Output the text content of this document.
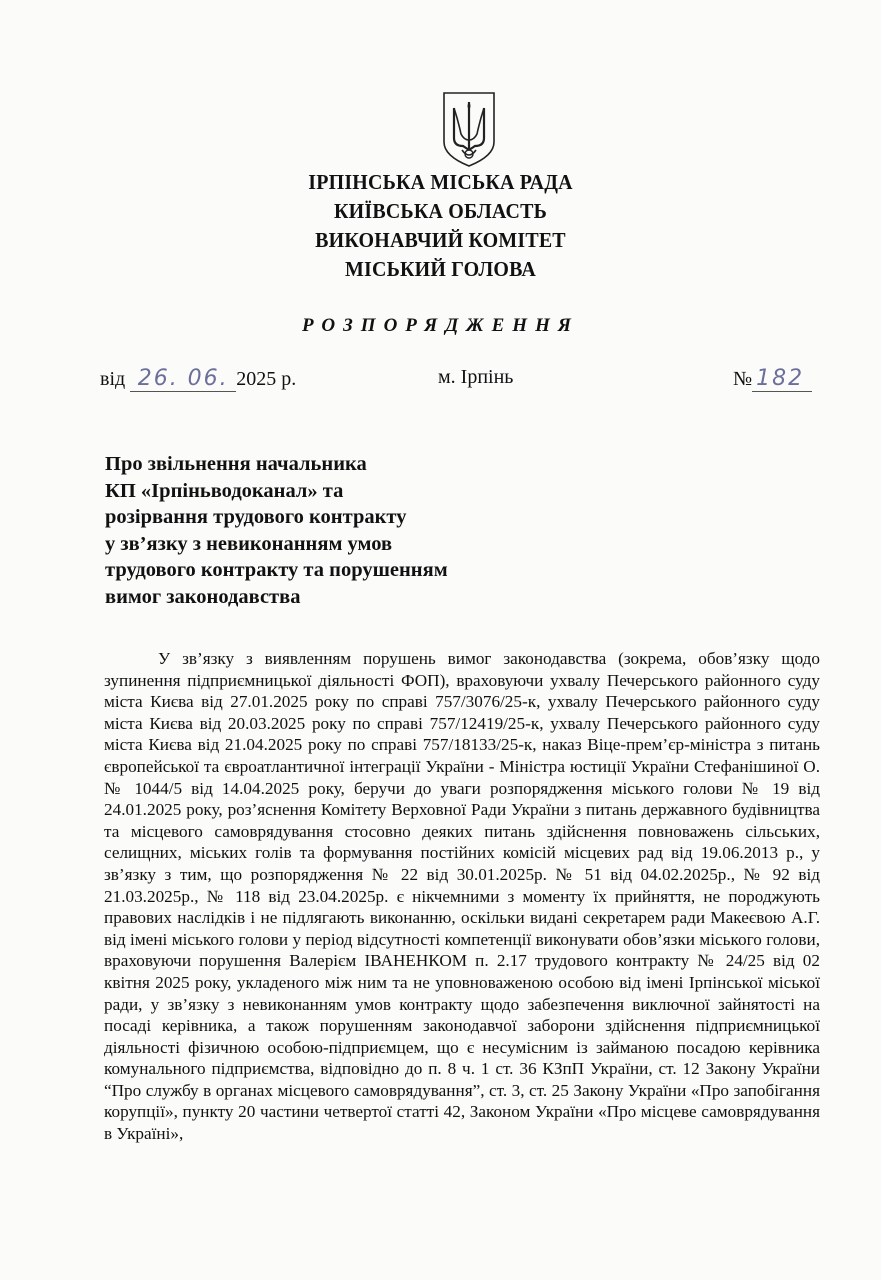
ІРПІНСЬКА МІСЬКА РАДА
КИЇВСЬКА ОБЛАСТЬ
ВИКОНАВЧИЙ КОМІТЕТ
МІСЬКИЙ ГОЛОВА
РОЗПОРЯДЖЕННЯ
від 26. 06. 2025 р.	м. Ірпінь	№ 182
Про звільнення начальника
КП «Ірпіньводоканал» та
розірвання трудового контракту
у зв’язку з невиконанням умов
трудового контракту та порушенням
вимог законодавства
У зв’язку з виявленням порушень вимог законодавства (зокрема, обов’язку щодо зупинення підприємницької діяльності ФОП), враховуючи ухвалу Печерського районного суду міста Києва від 27.01.2025 року по справі 757/3076/25-к, ухвалу Печерського районного суду міста Києва від 20.03.2025 року по справі 757/12419/25-к, ухвалу Печерського районного суду міста Києва від 21.04.2025 року по справі 757/18133/25-к, наказ Віце-прем’єр-міністра з питань європейської та євроатлантичної інтеграції України - Міністра юстиції України Стефанішиної О. № 1044/5 від 14.04.2025 року, беручи до уваги розпорядження міського голови № 19 від 24.01.2025 року, роз’яснення Комітету Верховної Ради України з питань державного будівництва та місцевого самоврядування стосовно деяких питань здійснення повноважень сільських, селищних, міських голів та формування постійних комісій місцевих рад від 19.06.2013 р., у зв’язку з тим, що розпорядження № 22 від 30.01.2025р. № 51 від 04.02.2025р., № 92 від 21.03.2025р., № 118 від 23.04.2025р. є нікчемними з моменту їх прийняття, не породжують правових наслідків і не підлягають виконанню, оскільки видані секретарем ради Макеєвою А.Г. від імені міського голови у період відсутності компетенції виконувати обов’язки міського голови, враховуючи порушення Валерієм ІВАНЕНКОМ п. 2.17 трудового контракту № 24/25 від 02 квітня 2025 року, укладеного між ним та не уповноваженою особою від імені Ірпінської міської ради, у зв’язку з невиконанням умов контракту щодо забезпечення виключної зайнятості на посаді керівника, а також порушенням законодавчої заборони здійснення підприємницької діяльності фізичною особою-підприємцем, що є несумісним із займаною посадою керівника комунального підприємства, відповідно до п. 8 ч. 1 ст. 36 КЗпП України, ст. 12 Закону України “Про службу в органах місцевого самоврядування”, ст. 3, ст. 25 Закону України «Про запобігання корупції», пункту 20 частини четвертої статті 42, Законом України «Про місцеве самоврядування в Україні»,
